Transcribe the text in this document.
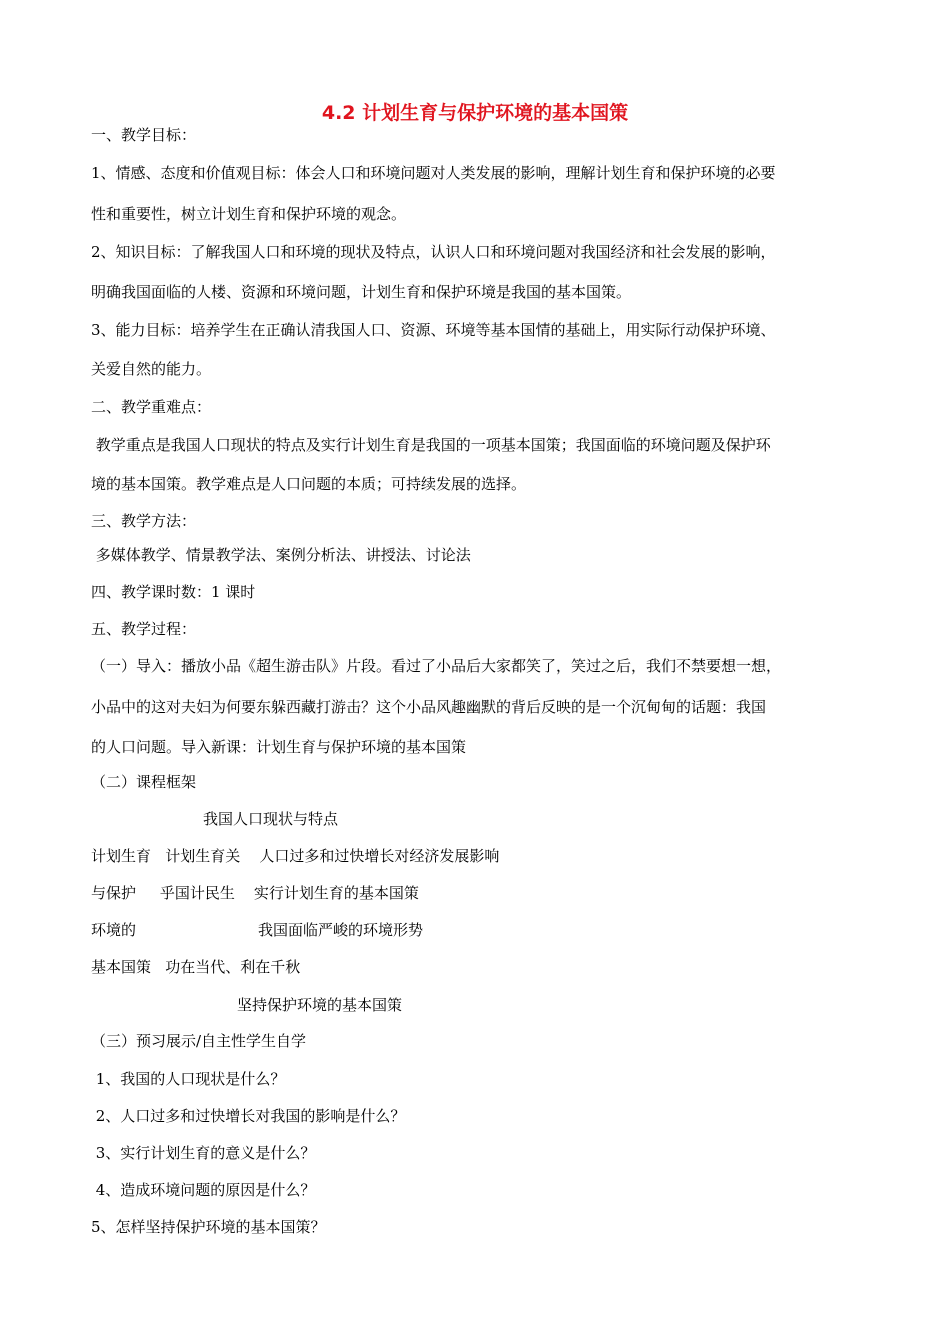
4.2 计划生育与保护环境的基本国策
一、教学目标：
1、情感、态度和价值观目标：体会人口和环境问题对人类发展的影响，理解计划生育和保护环境的必要
性和重要性，树立计划生育和保护环境的观念。
2、知识目标：了解我国人口和环境的现状及特点，认识人口和环境问题对我国经济和社会发展的影响，
明确我国面临的人楼、资源和环境问题，计划生育和保护环境是我国的基本国策。
3、能力目标：培养学生在正确认清我国人口、资源、环境等基本国情的基础上，用实际行动保护环境、
关爱自然的能力。
二、教学重难点：
教学重点是我国人口现状的特点及实行计划生育是我国的一项基本国策；我国面临的环境问题及保护环
境的基本国策。教学难点是人口问题的本质；可持续发展的选择。
三、教学方法：
多媒体教学、情景教学法、案例分析法、讲授法、讨论法
四、教学课时数：1 课时
五、教学过程：
（一）导入：播放小品《超生游击队》片段。看过了小品后大家都笑了，笑过之后，我们不禁要想一想，
小品中的这对夫妇为何要东躲西藏打游击？这个小品风趣幽默的背后反映的是一个沉甸甸的话题：我国
的人口问题。导入新课：计划生育与保护环境的基本国策
（二）课程框架
我国人口现状与特点
计划生育   计划生育关    人口过多和过快增长对经济发展影响
与保护     乎国计民生    实行计划生育的基本国策
环境的	我国面临严峻的环境形势
基本国策   功在当代、利在千秋
坚持保护环境的基本国策
（三）预习展示/自主性学生自学
1、我国的人口现状是什么？
2、人口过多和过快增长对我国的影响是什么？
3、实行计划生育的意义是什么？
4、造成环境问题的原因是什么？
5、怎样坚持保护环境的基本国策？
